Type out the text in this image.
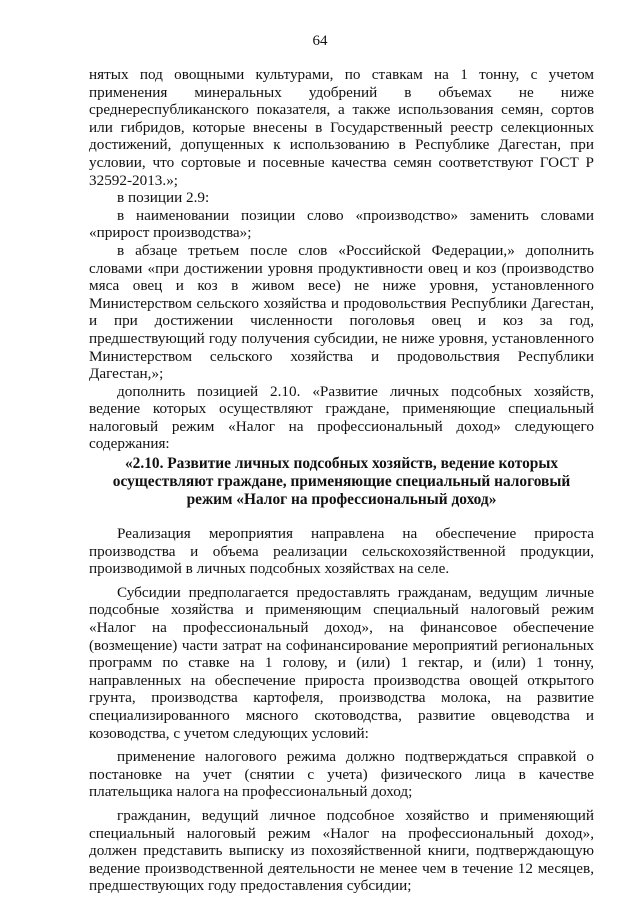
64

нятых под овощными культурами, по ставкам на 1 тонну, с учетом применения минеральных удобрений в объемах не ниже среднереспубликанского показателя, а также использования семян, сортов или гибридов, которые внесены в Государственный реестр селекционных достижений, допущенных к использованию в Республике Дагестан, при условии, что сортовые и посевные качества семян соответствуют ГОСТ Р 32592-2013.»;

в позиции 2.9:

в наименовании позиции слово «производство» заменить словами «прирост производства»;

в абзаце третьем после слов «Российской Федерации,» дополнить словами «при достижении уровня продуктивности овец и коз (производство мяса овец и коз в живом весе) не ниже уровня, установленного Министерством сельского хозяйства и продовольствия Республики Дагестан, и при достижении численности поголовья овец и коз за год, предшествующий году получения субсидии, не ниже уровня, установленного Министерством сельского хозяйства и продовольствия Республики Дагестан,»;

дополнить позицией 2.10. «Развитие личных подсобных хозяйств, ведение которых осуществляют граждане, применяющие специальный налоговый режим «Налог на профессиональный доход» следующего содержания:

«2.10. Развитие личных подсобных хозяйств, ведение которых осуществляют граждане, применяющие специальный налоговый режим «Налог на профессиональный доход»

Реализация мероприятия направлена на обеспечение прироста производства и объема реализации сельскохозяйственной продукции, производимой в личных подсобных хозяйствах на селе.

Субсидии предполагается предоставлять гражданам, ведущим личные подсобные хозяйства и применяющим специальный налоговый режим «Налог на профессиональный доход», на финансовое обеспечение (возмещение) части затрат на софинансирование мероприятий региональных программ по ставке на 1 голову, и (или) 1 гектар, и (или) 1 тонну, направленных на обеспечение прироста производства овощей открытого грунта, производства картофеля, производства молока, на развитие специализированного мясного скотоводства, развитие овцеводства и козоводства, с учетом следующих условий:

применение налогового режима должно подтверждаться справкой о постановке на учет (снятии с учета) физического лица в качестве плательщика налога на профессиональный доход;

гражданин, ведущий личное подсобное хозяйство и применяющий специальный налоговый режим «Налог на профессиональный доход», должен представить выписку из похозяйственной книги, подтверждающую ведение производственной деятельности не менее чем в течение 12 месяцев, предшествующих году предоставления субсидии;
